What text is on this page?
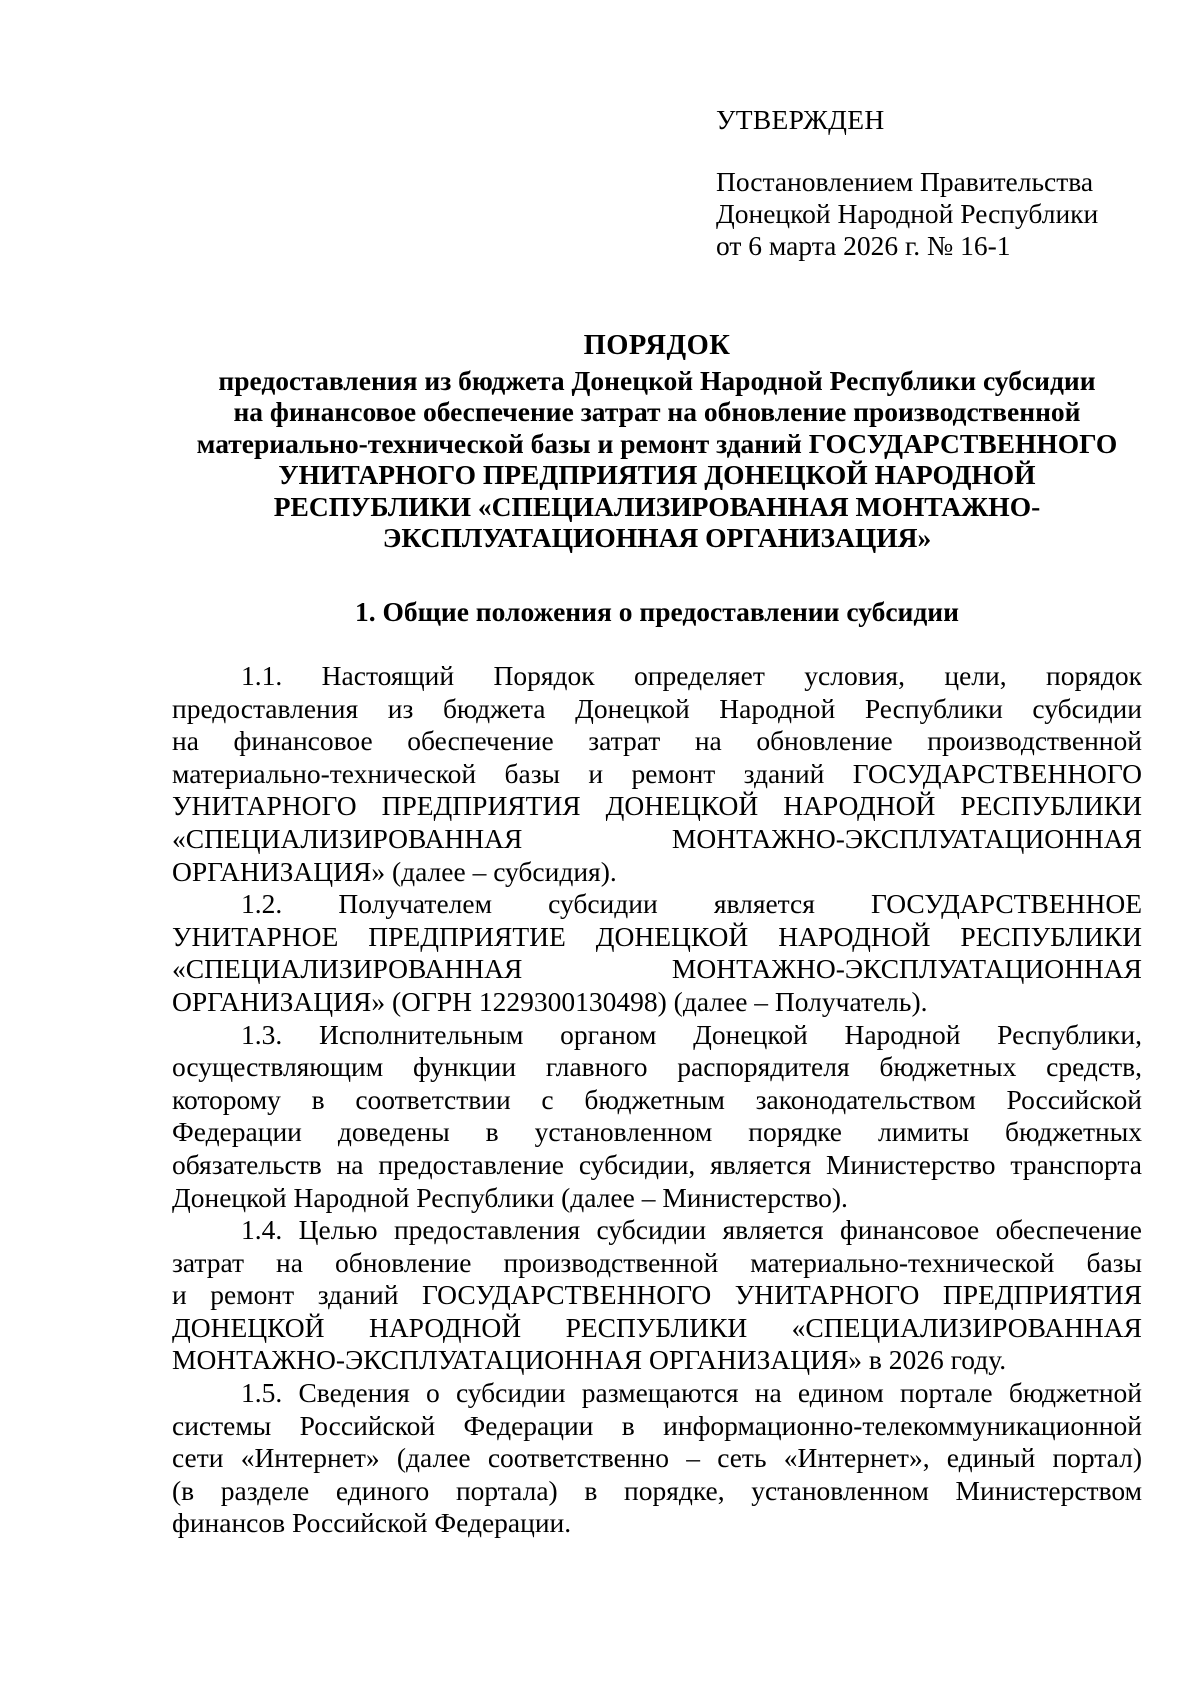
УТВЕРЖДЕН
Постановлением Правительства
Донецкой Народной Республики
от 6 марта 2026 г. № 16-1
ПОРЯДОК
предоставления из бюджета Донецкой Народной Республики субсидии
на финансовое обеспечение затрат на обновление производственной
материально-технической базы и ремонт зданий ГОСУДАРСТВЕННОГО
УНИТАРНОГО ПРЕДПРИЯТИЯ ДОНЕЦКОЙ НАРОДНОЙ
РЕСПУБЛИКИ «СПЕЦИАЛИЗИРОВАННАЯ МОНТАЖНО-
ЭКСПЛУАТАЦИОННАЯ ОРГАНИЗАЦИЯ»
1. Общие положения о предоставлении субсидии
1.1. Настоящий Порядок определяет условия, цели, порядок
предоставления из бюджета Донецкой Народной Республики субсидии
на финансовое обеспечение затрат на обновление производственной
материально-технической базы и ремонт зданий ГОСУДАРСТВЕННОГО
УНИТАРНОГО ПРЕДПРИЯТИЯ ДОНЕЦКОЙ НАРОДНОЙ РЕСПУБЛИКИ
«СПЕЦИАЛИЗИРОВАННАЯ МОНТАЖНО-ЭКСПЛУАТАЦИОННАЯ
ОРГАНИЗАЦИЯ» (далее – субсидия).
1.2. Получателем субсидии является ГОСУДАРСТВЕННОЕ
УНИТАРНОЕ ПРЕДПРИЯТИЕ ДОНЕЦКОЙ НАРОДНОЙ РЕСПУБЛИКИ
«СПЕЦИАЛИЗИРОВАННАЯ МОНТАЖНО-ЭКСПЛУАТАЦИОННАЯ
ОРГАНИЗАЦИЯ» (ОГРН 1229300130498) (далее – Получатель).
1.3. Исполнительным органом Донецкой Народной Республики,
осуществляющим функции главного распорядителя бюджетных средств,
которому в соответствии с бюджетным законодательством Российской
Федерации доведены в установленном порядке лимиты бюджетных
обязательств на предоставление субсидии, является Министерство транспорта
Донецкой Народной Республики (далее – Министерство).
1.4. Целью предоставления субсидии является финансовое обеспечение
затрат на обновление производственной материально-технической базы
и ремонт зданий ГОСУДАРСТВЕННОГО УНИТАРНОГО ПРЕДПРИЯТИЯ
ДОНЕЦКОЙ НАРОДНОЙ РЕСПУБЛИКИ «СПЕЦИАЛИЗИРОВАННАЯ
МОНТАЖНО-ЭКСПЛУАТАЦИОННАЯ ОРГАНИЗАЦИЯ» в 2026 году.
1.5. Сведения о субсидии размещаются на едином портале бюджетной
системы Российской Федерации в информационно-телекоммуникационной
сети «Интернет» (далее соответственно – сеть «Интернет», единый портал)
(в разделе единого портала) в порядке, установленном Министерством
финансов Российской Федерации.
